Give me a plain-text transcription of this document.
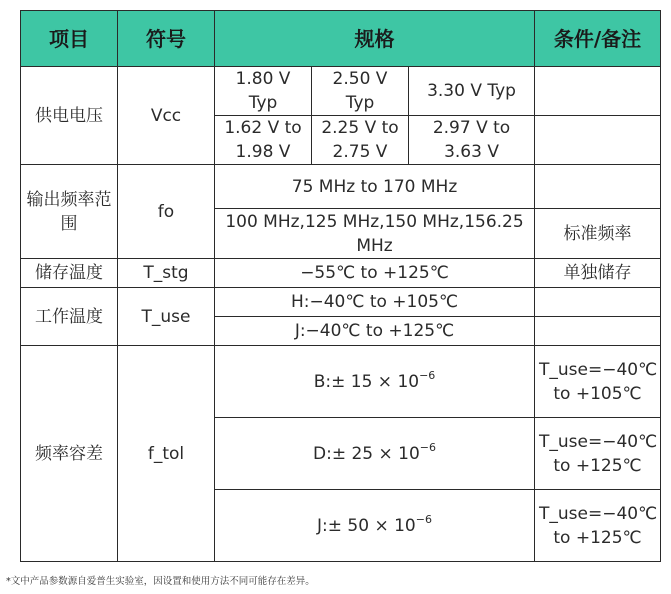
项目	符号	规格			条件/备注
供电电压	Vcc	1.80 V Typ	2.50 V Typ	3.30 V Typ	
		1.62 V to 1.98 V	2.25 V to 2.75 V	2.97 V to 3.63 V	
输出频率范围	fo	75 MHz to 170 MHz			
		100 MHz,125 MHz,150 MHz,156.25 MHz			标准频率
储存温度	T_stg	−55℃ to +125℃			单独储存
工作温度	T_use	H:−40℃ to +105℃			
		J:−40℃ to +125℃			
频率容差	f_tol	B:± $15 \times 10^{-6}$			T_use=−40℃ to +105℃
		D:± $25 \times 10^{-6}$			T_use=−40℃ to +125℃
		J:± $50 \times 10^{-6}$			T_use=−40℃ to +125℃
*文中产品参数源自爱普生实验室，因设置和使用方法不同可能存在差异。
